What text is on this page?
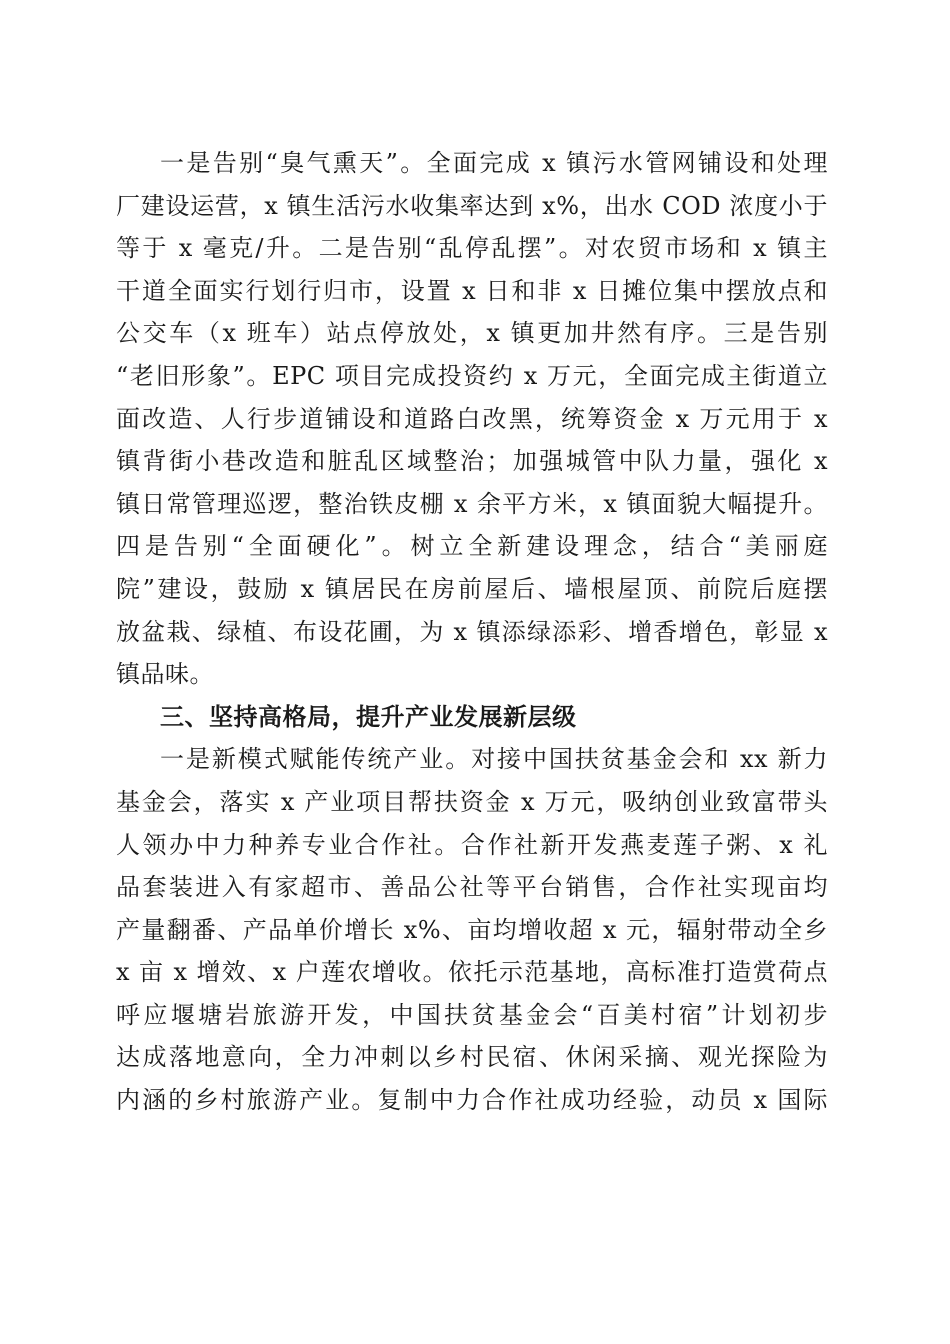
一是告别“臭气熏天”。全面完成 x 镇污水管网铺设和处理
厂建设运营，x 镇生活污水收集率达到 x%，出水 COD 浓度小于
等于 x 毫克/升。二是告别“乱停乱摆”。对农贸市场和 x 镇主
干道全面实行划行归市，设置 x 日和非 x 日摊位集中摆放点和
公交车（x 班车）站点停放处，x 镇更加井然有序。三是告别
“老旧形象”。EPC 项目完成投资约 x 万元，全面完成主街道立
面改造、人行步道铺设和道路白改黑，统筹资金 x 万元用于 x
镇背街小巷改造和脏乱区域整治；加强城管中队力量，强化 x
镇日常管理巡逻，整治铁皮棚 x 余平方米，x 镇面貌大幅提升。
四是告别“全面硬化”。树立全新建设理念，结合“美丽庭
院”建设，鼓励 x 镇居民在房前屋后、墙根屋顶、前院后庭摆
放盆栽、绿植、布设花圃，为 x 镇添绿添彩、增香增色，彰显 x
镇品味。
三、坚持高格局，提升产业发展新层级
一是新模式赋能传统产业。对接中国扶贫基金会和 xx 新力
基金会，落实 x 产业项目帮扶资金 x 万元，吸纳创业致富带头
人领办中力种养专业合作社。合作社新开发燕麦莲子粥、x 礼
品套装进入有家超市、善品公社等平台销售，合作社实现亩均
产量翻番、产品单价增长 x%、亩均增收超 x 元，辐射带动全乡
x 亩 x 增效、x 户莲农增收。依托示范基地，高标准打造赏荷点
呼应堰塘岩旅游开发，中国扶贫基金会“百美村宿”计划初步
达成落地意向，全力冲刺以乡村民宿、休闲采摘、观光探险为
内涵的乡村旅游产业。复制中力合作社成功经验，动员 x 国际
